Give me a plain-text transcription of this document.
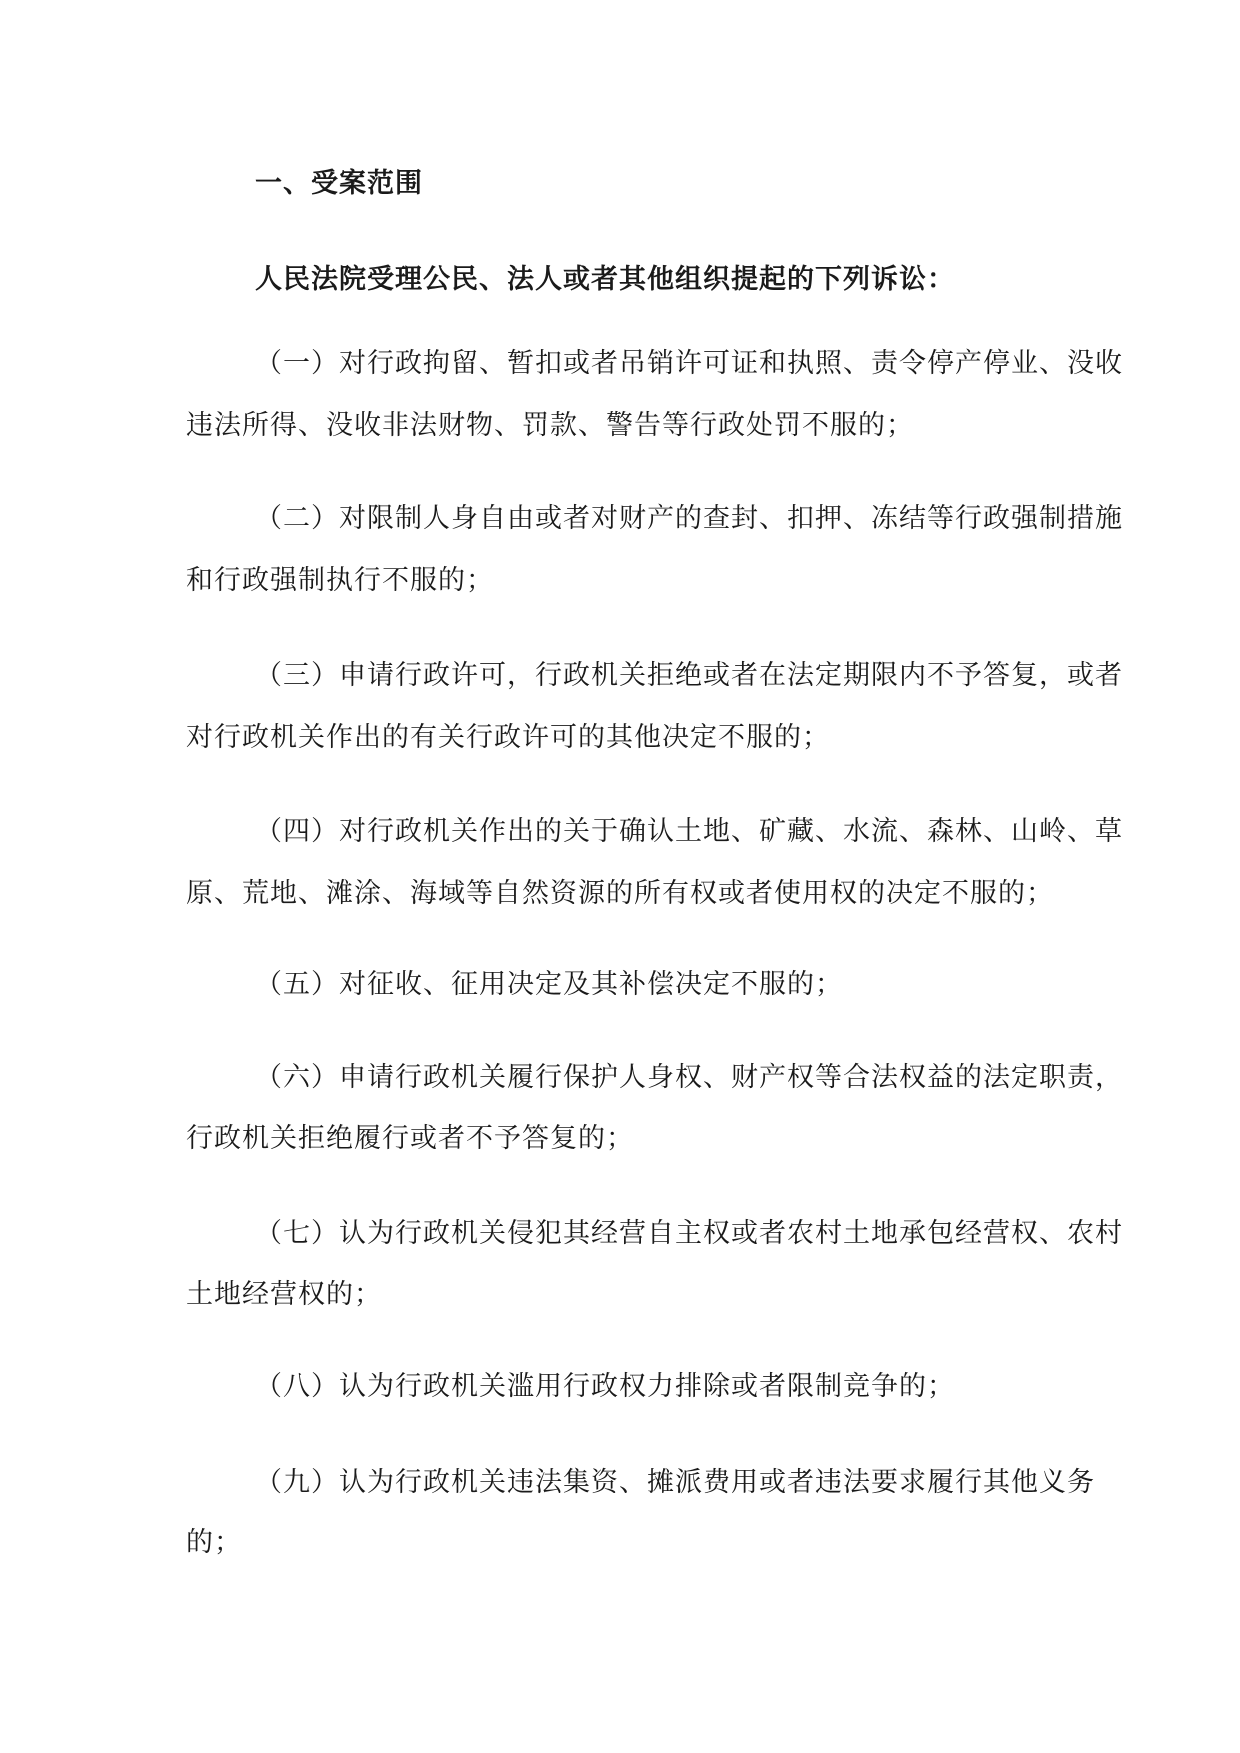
一、受案范围
人民法院受理公民、法人或者其他组织提起的下列诉讼：
（一）对行政拘留、暂扣或者吊销许可证和执照、责令停产停业、没收
违法所得、没收非法财物、罚款、警告等行政处罚不服的；
（二）对限制人身自由或者对财产的查封、扣押、冻结等行政强制措施
和行政强制执行不服的；
（三）申请行政许可，行政机关拒绝或者在法定期限内不予答复，或者
对行政机关作出的有关行政许可的其他决定不服的；
（四）对行政机关作出的关于确认土地、矿藏、水流、森林、山岭、草
原、荒地、滩涂、海域等自然资源的所有权或者使用权的决定不服的；
（五）对征收、征用决定及其补偿决定不服的；
（六）申请行政机关履行保护人身权、财产权等合法权益的法定职责，
行政机关拒绝履行或者不予答复的；
（七）认为行政机关侵犯其经营自主权或者农村土地承包经营权、农村
土地经营权的；
（八）认为行政机关滥用行政权力排除或者限制竞争的；
（九）认为行政机关违法集资、摊派费用或者违法要求履行其他义务
的；
